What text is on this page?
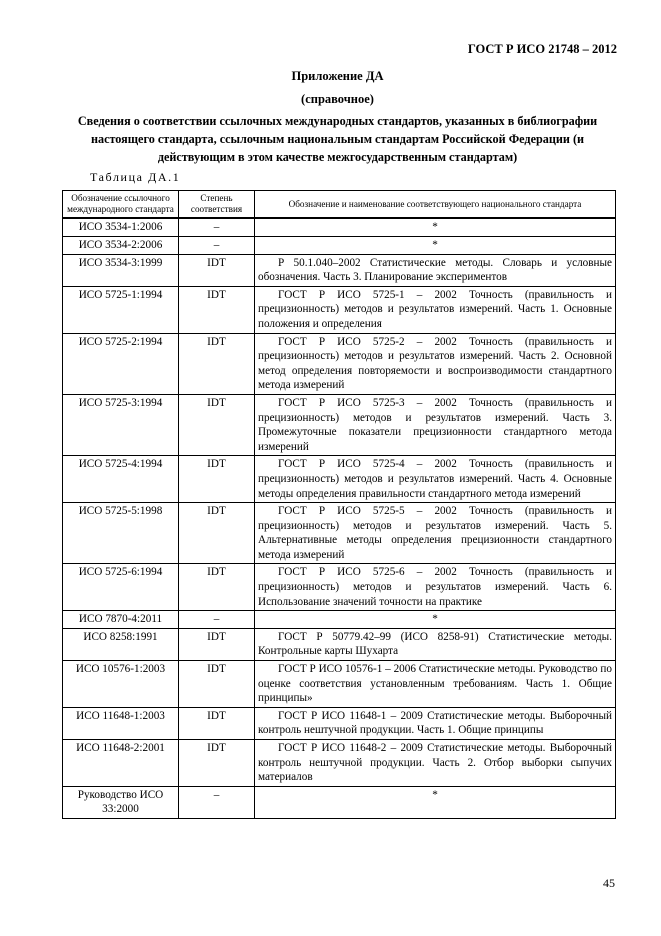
ГОСТ Р ИСО 21748 – 2012
Приложение ДА
(справочное)
Сведения о соответствии ссылочных международных стандартов, указанных в библиографии настоящего стандарта, ссылочным национальным стандартам Российской Федерации (и действующим в этом качестве межгосударственным стандартам)
Таблица ДА.1
Обозначение ссылочного международного стандарта	Степень соответствия	Обозначение и наименование соответствующего национального стандарта
ИСО 3534-1:2006	–	*
ИСО 3534-2:2006	–	*
ИСО 3534-3:1999	IDT	Р 50.1.040–2002 Статистические методы. Словарь и условные обозначения. Часть 3. Планирование экспериментов
ИСО 5725-1:1994	IDT	ГОСТ Р ИСО 5725-1 – 2002 Точность (правильность и прецизионность) методов и результатов измерений. Часть 1. Основные положения и определения
ИСО 5725-2:1994	IDT	ГОСТ Р ИСО 5725-2 – 2002 Точность (правильность и прецизионность) методов и результатов измерений. Часть 2. Основной метод определения повторяемости и воспроизводимости стандартного метода измерений
ИСО 5725-3:1994	IDT	ГОСТ Р ИСО 5725-3 – 2002 Точность (правильность и прецизионность) методов и результатов измерений. Часть 3. Промежуточные показатели прецизионности стандартного метода измерений
ИСО 5725-4:1994	IDT	ГОСТ Р ИСО 5725-4 – 2002 Точность (правильность и прецизионность) методов и результатов измерений. Часть 4. Основные методы определения правильности стандартного метода измерений
ИСО 5725-5:1998	IDT	ГОСТ Р ИСО 5725-5 – 2002 Точность (правильность и прецизионность) методов и результатов измерений. Часть 5. Альтернативные методы определения прецизионности стандартного метода измерений
ИСО 5725-6:1994	IDT	ГОСТ Р ИСО 5725-6 – 2002 Точность (правильность и прецизионность) методов и результатов измерений. Часть 6. Использование значений точности на практике
ИСО 7870-4:2011	–	*
ИСО 8258:1991	IDT	ГОСТ Р 50779.42–99 (ИСО 8258-91) Статистические методы. Контрольные карты Шухарта
ИСО 10576-1:2003	IDT	ГОСТ Р ИСО 10576-1 – 2006 Статистические методы. Руководство по оценке соответствия установленным требованиям. Часть 1. Общие принципы»
ИСО 11648-1:2003	IDT	ГОСТ Р ИСО 11648-1 – 2009 Статистические методы. Выборочный контроль нештучной продукции. Часть 1. Общие принципы
ИСО 11648-2:2001	IDT	ГОСТ Р ИСО 11648-2 – 2009 Статистические методы. Выборочный контроль нештучной продукции. Часть 2. Отбор выборки сыпучих материалов
Руководство ИСО 33:2000	–	*
45
